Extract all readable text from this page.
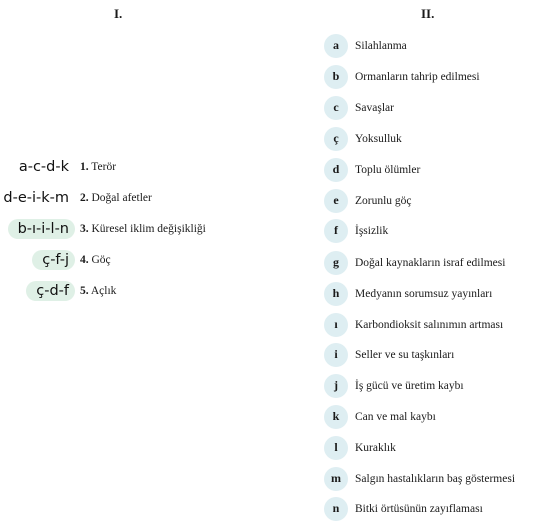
I.	II.
a-c-d-k 1. Terör
d-e-i-k-m 2. Doğal afetler
b-ı-i-l-n 3. Küresel iklim değişikliği
ç-f-j 4. Göç
ç-d-f 5. Açlık
a	Silahlanma
b	Ormanların tahrip edilmesi
c	Savaşlar
ç	Yoksulluk
d	Toplu ölümler
e	Zorunlu göç
f	İşsizlik
g	Doğal kaynakların israf edilmesi
h	Medyanın sorumsuz yayınları
ı	Karbondioksit salınımın artması
i	Seller ve su taşkınları
j	İş gücü ve üretim kaybı
k	Can ve mal kaybı
l	Kuraklık
m	Salgın hastalıkların baş göstermesi
n	Bitki örtüsünün zayıflaması
